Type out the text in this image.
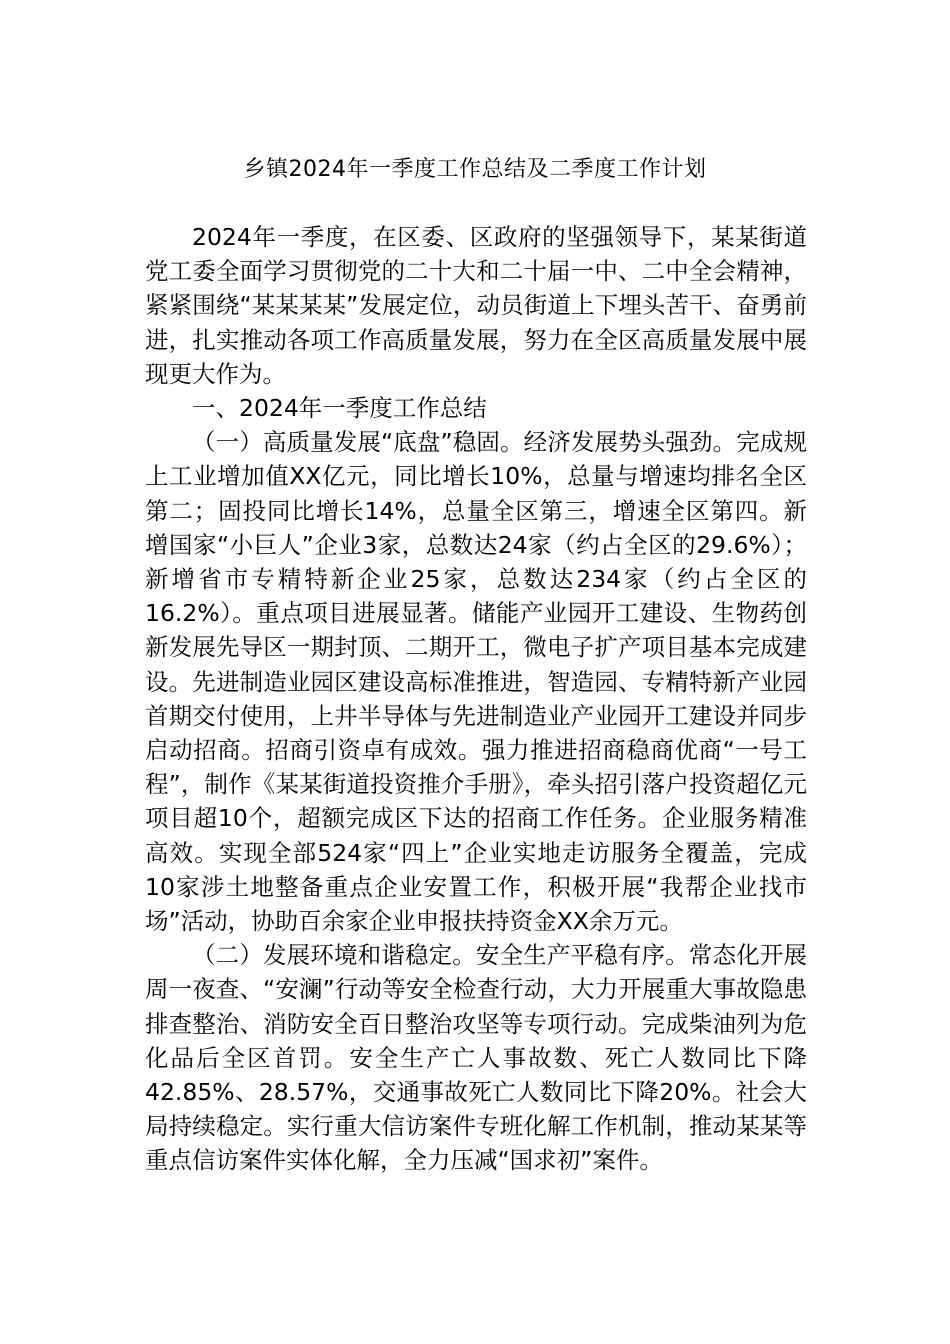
乡镇2024年一季度工作总结及二季度工作计划

2024年一季度，在区委、区政府的坚强领导下，某某街道党工委全面学习贯彻党的二十大和二十届一中、二中全会精神，紧紧围绕“某某某某”发展定位，动员街道上下埋头苦干、奋勇前进，扎实推动各项工作高质量发展，努力在全区高质量发展中展现更大作为。

一、2024年一季度工作总结

（一）高质量发展“底盘”稳固。经济发展势头强劲。完成规上工业增加值XX亿元，同比增长10%，总量与增速均排名全区第二；固投同比增长14%，总量全区第三，增速全区第四。新增国家“小巨人”企业3家，总数达24家（约占全区的29.6%）；新增省市专精特新企业25家，总数达234家（约占全区的16.2%）。重点项目进展显著。储能产业园开工建设、生物药创新发展先导区一期封顶、二期开工，微电子扩产项目基本完成建设。先进制造业园区建设高标准推进，智造园、专精特新产业园首期交付使用，上井半导体与先进制造业产业园开工建设并同步启动招商。招商引资卓有成效。强力推进招商稳商优商“一号工程”，制作《某某街道投资推介手册》，牵头招引落户投资超亿元项目超10个，超额完成区下达的招商工作任务。企业服务精准高效。实现全部524家“四上”企业实地走访服务全覆盖，完成10家涉土地整备重点企业安置工作，积极开展“我帮企业找市场”活动，协助百余家企业申报扶持资金XX余万元。

（二）发展环境和谐稳定。安全生产平稳有序。常态化开展周一夜查、“安澜”行动等安全检查行动，大力开展重大事故隐患排查整治、消防安全百日整治攻坚等专项行动。完成柴油列为危化品后全区首罚。安全生产亡人事故数、死亡人数同比下降42.85%、28.57%，交通事故死亡人数同比下降20%。社会大局持续稳定。实行重大信访案件专班化解工作机制，推动某某等重点信访案件实体化解，全力压减“国求初”案件。
